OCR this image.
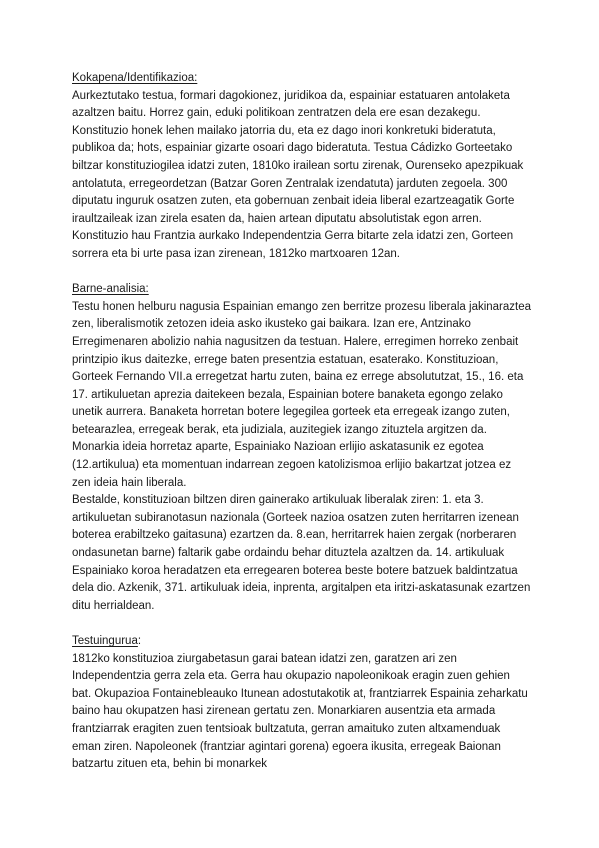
Kokapena/Identifikazioa:

Aurkeztutako testua, formari dagokionez, juridikoa da, espainiar estatuaren antolaketa azaltzen baitu. Horrez gain, eduki politikoan zentratzen dela ere esan dezakegu. Konstituzio honek lehen mailako jatorria du, eta ez dago inori konkretuki bideratuta, publikoa da; hots, espainiar gizarte osoari dago bideratuta. Testua Cádizko Gorteetako biltzar konstituziogilea idatzi zuten, 1810ko irailean sortu zirenak, Ourenseko apezpikuak antolatuta, erregeordetzan (Batzar Goren Zentralak izendatuta) jarduten zegoela. 300 diputatu inguruk osatzen zuten, eta gobernuan zenbait ideia liberal ezartzeagatik Gorte iraultzaileak izan zirela esaten da, haien artean diputatu absolutistak egon arren. Konstituzio hau Frantzia aurkako Independentzia Gerra bitarte zela idatzi zen, Gorteen sorrera eta bi urte pasa izan zirenean, 1812ko martxoaren 12an.

Barne-analisia:

Testu honen helburu nagusia Espainian emango zen berritze prozesu liberala jakinaraztea zen, liberalismotik zetozen ideia asko ikusteko gai baikara. Izan ere, Antzinako Erregimenaren abolizio nahia nagusitzen da testuan. Halere, erregimen horreko zenbait printzipio ikus daitezke, errege baten presentzia estatuan, esaterako. Konstituzioan, Gorteek Fernando VII.a erregetzat hartu zuten, baina ez errege absolututzat, 15., 16. eta 17. artikuluetan aprezia daitekeen bezala, Espainian botere banaketa egongo zelako unetik aurrera. Banaketa horretan botere legegilea gorteek eta erregeak izango zuten, betearazlea, erregeak berak, eta judiziala, auzitegiek izango zituztela argitzen da. Monarkia ideia horretaz aparte, Espainiako Nazioan erlijio askatasunik ez egotea (12.artikulua) eta momentuan indarrean zegoen katolizismoa erlijio bakartzat jotzea ez zen ideia hain liberala.

Bestalde, konstituzioan biltzen diren gainerako artikuluak liberalak ziren: 1. eta 3. artikuluetan subiranotasun nazionala (Gorteek nazioa osatzen zuten herritarren izenean boterea erabiltzeko gaitasuna) ezartzen da. 8.ean, herritarrek haien zergak (norberaren ondasunetan barne) faltarik gabe ordaindu behar dituztela azaltzen da. 14. artikuluak Espainiako koroa heradatzen eta erregearen boterea beste botere batzuek baldintzatua dela dio. Azkenik, 371. artikuluak ideia, inprenta, argitalpen eta iritzi-askatasunak ezartzen ditu herrialdean.

Testuingurua:

1812ko konstituzioa ziurgabetasun garai batean idatzi zen, garatzen ari zen Independentzia gerra zela eta. Gerra hau okupazio napoleonikoak eragin zuen gehien bat. Okupazioa Fontainebleauko Itunean adostutakotik at, frantziarrek Espainia zeharkatu baino hau okupatzen hasi zirenean gertatu zen. Monarkiaren ausentzia eta armada frantziarrak eragiten zuen tentsioak bultzatuta, gerran amaituko zuten altxamenduak eman ziren. Napoleonek (frantziar agintari gorena) egoera ikusita, erregeak Baionan batzartu zituen eta, behin bi monarkek
